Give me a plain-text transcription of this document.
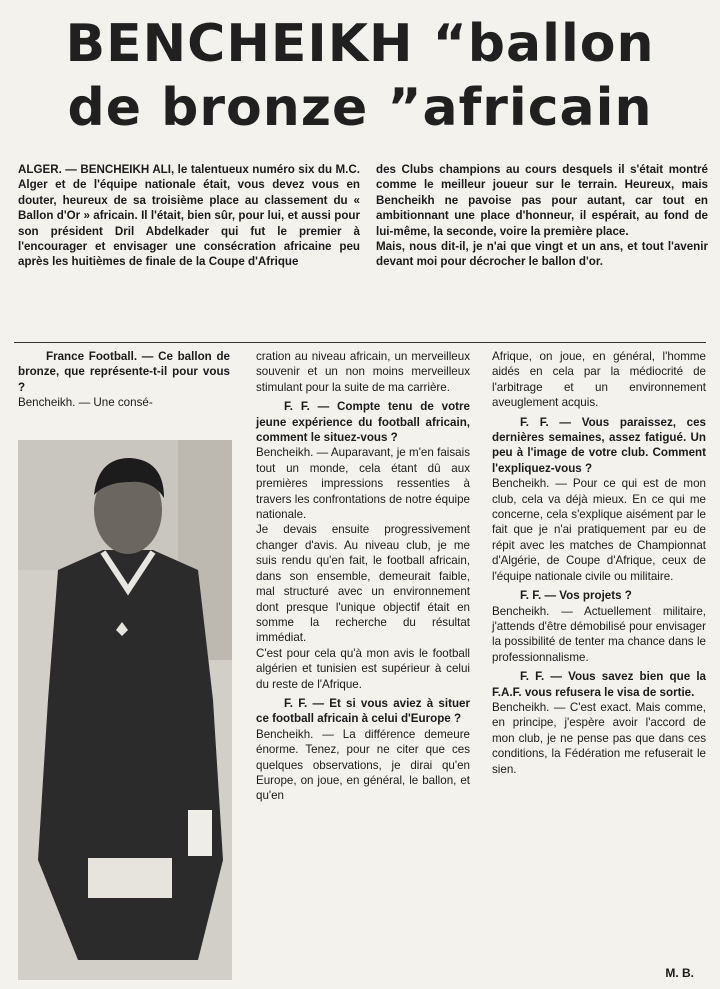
BENCHEIKH “ballon
de bronze ”africain

ALGER. — BENCHEIKH ALI, le talentueux numéro six du M.C. Alger et de l'équipe nationale était, vous devez vous en douter, heureux de sa troisième place au classement du « Ballon d'Or » africain. Il l'était, bien sûr, pour lui, et aussi pour son président Dril Abdelkader qui fut le premier à l'encourager et envisager une consécration africaine peu après les huitièmes de finale de la Coupe d'Afrique

des Clubs champions au cours desquels il s'était montré comme le meilleur joueur sur le terrain. Heureux, mais Bencheikh ne pavoise pas pour autant, car tout en ambitionnant une place d'honneur, il espérait, au fond de lui-même, la seconde, voire la première place.

Mais, nous dit-il, je n'ai que vingt et un ans, et tout l'avenir devant moi pour décrocher le ballon d'or.

France Football. — Ce ballon de bronze, que représente-t-il pour vous ?

Bencheikh. — Une consé-

cration au niveau africain, un merveilleux souvenir et un non moins merveilleux stimulant pour la suite de ma carrière.

F. F. — Compte tenu de votre jeune expérience du football africain, comment le situez-vous ?

Bencheikh. — Auparavant, je m'en faisais tout un monde, cela étant dû aux premières impressions ressenties à travers les confrontations de notre équipe nationale.

Je devais ensuite progressivement changer d'avis. Au niveau club, je me suis rendu qu'en fait, le football africain, dans son ensemble, demeurait faible, mal structuré avec un environnement dont presque l'unique objectif était en somme la recherche du résultat immédiat.

C'est pour cela qu'à mon avis le football algérien et tunisien est supérieur à celui du reste de l'Afrique.

F. F. — Et si vous aviez à situer ce football africain à celui d'Europe ?

Bencheikh. — La différence demeure énorme. Tenez, pour ne citer que ces quelques observations, je dirai qu'en Europe, on joue, en général, le ballon, et qu'en

Afrique, on joue, en général, l'homme aidés en cela par la médiocrité de l'arbitrage et un environnement aveuglement acquis.

F. F. — Vous paraissez, ces dernières semaines, assez fatigué. Un peu à l'image de votre club. Comment l'expliquez-vous ?

Bencheikh. — Pour ce qui est de mon club, cela va déjà mieux. En ce qui me concerne, cela s'explique aisément par le fait que je n'ai pratiquement par eu de répit avec les matches de Championnat d'Algérie, de Coupe d'Afrique, ceux de l'équipe nationale civile ou militaire.

F. F. — Vos projets ?

Bencheikh. — Actuellement militaire, j'attends d'être démobilisé pour envisager la possibilité de tenter ma chance dans le professionnalisme.

F. F. — Vous savez bien que la F.A.F. vous refusera le visa de sortie.

Bencheikh. — C'est exact. Mais comme, en principe, j'espère avoir l'accord de mon club, je ne pense pas que dans ces conditions, la Fédération me refuserait le sien.

M. B.
